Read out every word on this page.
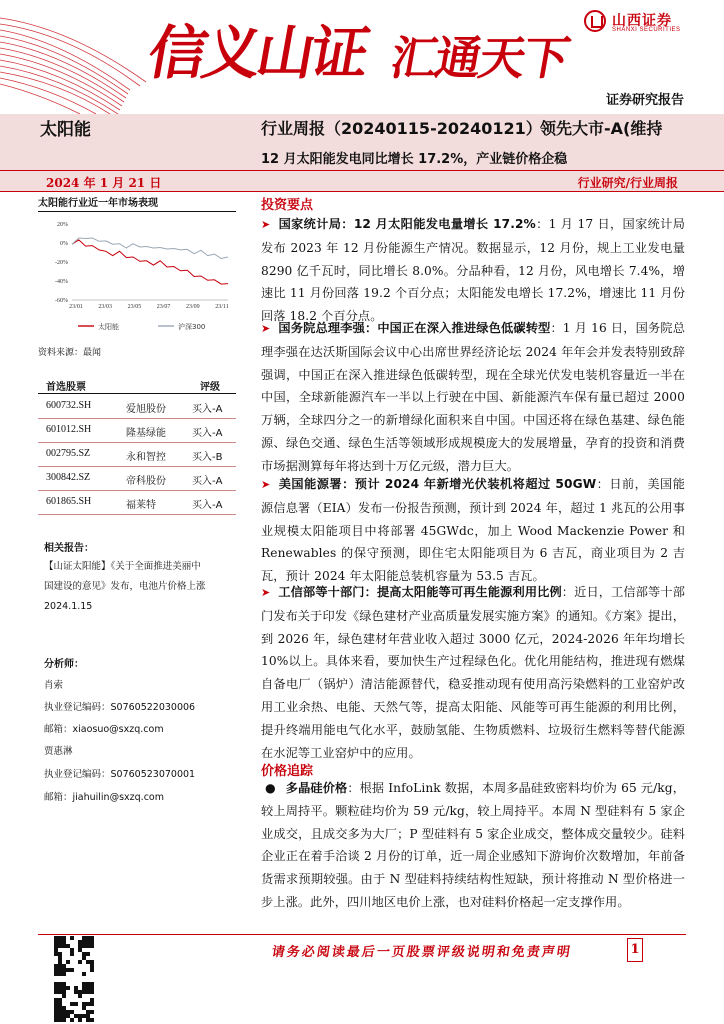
信义山证 汇通天下
山西证券
SHANXI SECURITIES
证券研究报告
太阳能	行业周报（20240115-20240121）
领先大市-A(维持
12 月太阳能发电同比增长 17.2%，产业链价格企稳
2024 年 1 月 21 日	行业研究/行业周报
太阳能行业近一年市场表现
20%
0%
-20%
-40%
-60%
23/01	23/03	23/05	23/07	23/09	23/11
太阳能	沪深300
资料来源：最闻
首选股票	评级
600732.SH	爱旭股份	买入-A
601012.SH	隆基绿能	买入-A
002795.SZ	永和智控	买入-B
300842.SZ	帝科股份	买入-A
601865.SH	福莱特	买入-A
相关报告：
【山证太阳能】《关于全面推进美丽中
国建设的意见》发布，电池片价格上涨
2024.1.15
分析师：
肖索
执业登记编码：S0760522030006
邮箱：xiaosuo@sxzq.com
贾惠淋
执业登记编码：S0760523070001
邮箱：jiahuilin@sxzq.com
投资要点
➤ 国家统计局：12 月太阳能发电量增长 17.2%：1 月 17 日，国家统计局发布 2023 年 12 月份能源生产情况。数据显示，12 月份，规上工业发电量 8290 亿千瓦时，同比增长 8.0%。分品种看，12 月份，风电增长 7.4%，增速比 11 月份回落 19.2 个百分点；太阳能发电增长 17.2%，增速比 11 月份回落 18.2 个百分点。
➤ 国务院总理李强：中国正在深入推进绿色低碳转型：1 月 16 日，国务院总理李强在达沃斯国际会议中心出席世界经济论坛 2024 年年会并发表特别致辞强调，中国正在深入推进绿色低碳转型，现在全球光伏发电装机容量近一半在中国，全球新能源汽车一半以上行驶在中国、新能源汽车保有量已超过 2000 万辆，全球四分之一的新增绿化面积来自中国。中国还将在绿色基建、绿色能源、绿色交通、绿色生活等领域形成规模庞大的发展增量，孕育的投资和消费市场据测算每年将达到十万亿元级，潜力巨大。
➤ 美国能源署：预计 2024 年新增光伏装机将超过 50GW：日前，美国能源信息署（EIA）发布一份报告预测，预计到 2024 年，超过 1 兆瓦的公用事业规模太阳能项目中将部署 45GWdc，加上 Wood Mackenzie Power 和 Renewables 的保守预测，即住宅太阳能项目为 6 吉瓦，商业项目为 2 吉瓦，预计 2024 年太阳能总装机容量为 53.5 吉瓦。
➤ 工信部等十部门：提高太阳能等可再生能源利用比例：近日，工信部等十部门发布关于印发《绿色建材产业高质量发展实施方案》的通知。《方案》提出，到 2026 年，绿色建材年营业收入超过 3000 亿元，2024-2026 年年均增长 10%以上。具体来看，要加快生产过程绿色化。优化用能结构，推进现有燃煤自备电厂（锅炉）清洁能源替代，稳妥推动现有使用高污染燃料的工业窑炉改用工业余热、电能、天然气等，提高太阳能、风能等可再生能源的利用比例，提升终端用能电气化水平，鼓励氢能、生物质燃料、垃圾衍生燃料等替代能源在水泥等工业窑炉中的应用。
价格追踪
● 多晶硅价格：根据 InfoLink 数据，本周多晶硅致密料均价为 65 元/kg，较上周持平。颗粒硅均价为 59 元/kg，较上周持平。本周 N 型硅料有 5 家企业成交，且成交多为大厂；P 型硅料有 5 家企业成交，整体成交量较少。硅料企业正在着手洽谈 2 月份的订单，近一周企业感知下游询价次数增加，年前备货需求预期较强。由于 N 型硅料持续结构性短缺，预计将推动 N 型价格进一步上涨。此外，四川地区电价上涨，也对硅料价格起一定支撑作用。
请务必阅读最后一页股票评级说明和免责声明	1
